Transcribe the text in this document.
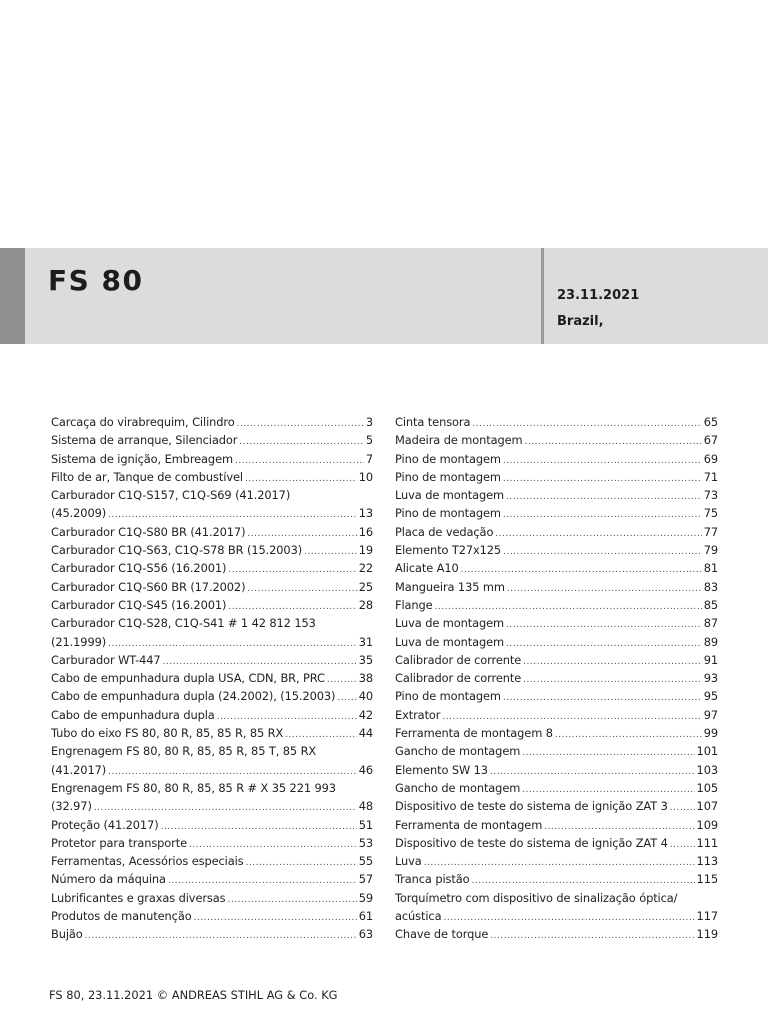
FS 80	23.11.2021
Brazil,
Carcaça do virabrequim, Cilindro .....	3
Sistema de arranque, Silenciador .....	5
Sistema de ignição, Embreagem .....	7
Filto de ar, Tanque de combustível .....	10
Carburador C1Q-S157, C1Q-S69 (41.2017)
(45.2009) .....	13
Carburador C1Q-S80 BR (41.2017) .....	16
Carburador C1Q-S63, C1Q-S78 BR (15.2003) .....	19
Carburador C1Q-S56 (16.2001) .....	22
Carburador C1Q-S60 BR (17.2002) .....	25
Carburador C1Q-S45 (16.2001) .....	28
Carburador C1Q-S28, C1Q-S41 # 1 42 812 153
(21.1999) .....	31
Carburador WT-447 .....	35
Cabo de empunhadura dupla USA, CDN, BR, PRC .....	38
Cabo de empunhadura dupla (24.2002), (15.2003) ..... 40
Cabo de empunhadura dupla .....	42
Tubo do eixo FS 80, 80 R, 85, 85 R, 85 RX .....	44
Engrenagem FS 80, 80 R, 85, 85 R, 85 T, 85 RX
(41.2017) .....	46
Engrenagem FS 80, 80 R, 85, 85 R # X 35 221 993
(32.97) .....	48
Proteção (41.2017) .....	51
Protetor para transporte .....	53
Ferramentas, Acessórios especiais .....	55
Número da máquina .....	57
Lubrificantes e graxas diversas .....	59
Produtos de manutenção .....	61
Bujão .....	63
Cinta tensora .....	65
Madeira de montagem .....	67
Pino de montagem .....	69
Pino de montagem .....	71
Luva de montagem .....	73
Pino de montagem .....	75
Placa de vedação .....	77
Elemento T27x125 .....	79
Alicate A10 .....	81
Mangueira 135 mm .....	83
Flange .....	85
Luva de montagem .....	87
Luva de montagem .....	89
Calibrador de corrente .....	91
Calibrador de corrente .....	93
Pino de montagem .....	95
Extrator .....	97
Ferramenta de montagem 8 .....	99
Gancho de montagem .....	101
Elemento SW 13 .....	103
Gancho de montagem .....	105
Dispositivo de teste do sistema de ignição ZAT 3 .....	107
Ferramenta de montagem .....	109
Dispositivo de teste do sistema de ignição ZAT 4 .....	111
Luva .....	113
Tranca pistão .....	115
Torquímetro com dispositivo de sinalização óptica/
acústica .....	117
Chave de torque .....	119
FS 80, 23.11.2021 © ANDREAS STIHL AG & Co. KG
